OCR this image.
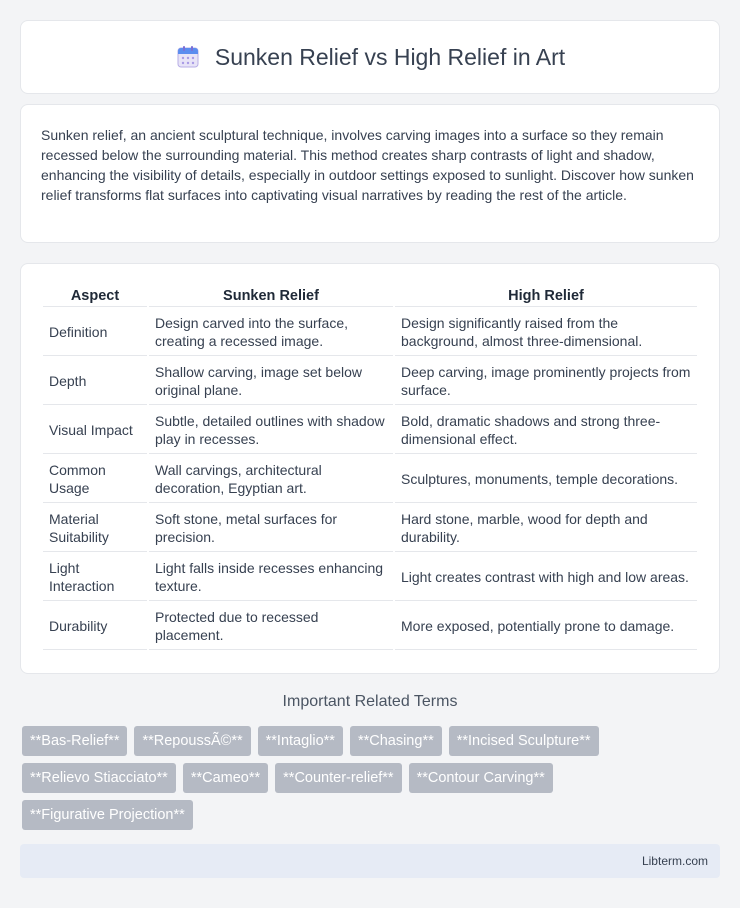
Sunken Relief vs High Relief in Art

Sunken relief, an ancient sculptural technique, involves carving images into a surface so they remain recessed below the surrounding material. This method creates sharp contrasts of light and shadow, enhancing the visibility of details, especially in outdoor settings exposed to sunlight. Discover how sunken relief transforms flat surfaces into captivating visual narratives by reading the rest of the article.

Aspect	Sunken Relief	High Relief
Definition	Design carved into the surface, creating a recessed image.	Design significantly raised from the background, almost three-dimensional.
Depth	Shallow carving, image set below original plane.	Deep carving, image prominently projects from surface.
Visual Impact	Subtle, detailed outlines with shadow play in recesses.	Bold, dramatic shadows and strong three-dimensional effect.
Common Usage	Wall carvings, architectural decoration, Egyptian art.	Sculptures, monuments, temple decorations.
Material Suitability	Soft stone, metal surfaces for precision.	Hard stone, marble, wood for depth and durability.
Light Interaction	Light falls inside recesses enhancing texture.	Light creates contrast with high and low areas.
Durability	Protected due to recessed placement.	More exposed, potentially prone to damage.
Important Related Terms
**Bas-Relief**	**RepoussÃ©**	**Intaglio**	**Chasing**	**Incised Sculpture**
**Relievo Stiacciato**	**Cameo**	**Counter-relief**	**Contour Carving**
**Figurative Projection**
Libterm.com
